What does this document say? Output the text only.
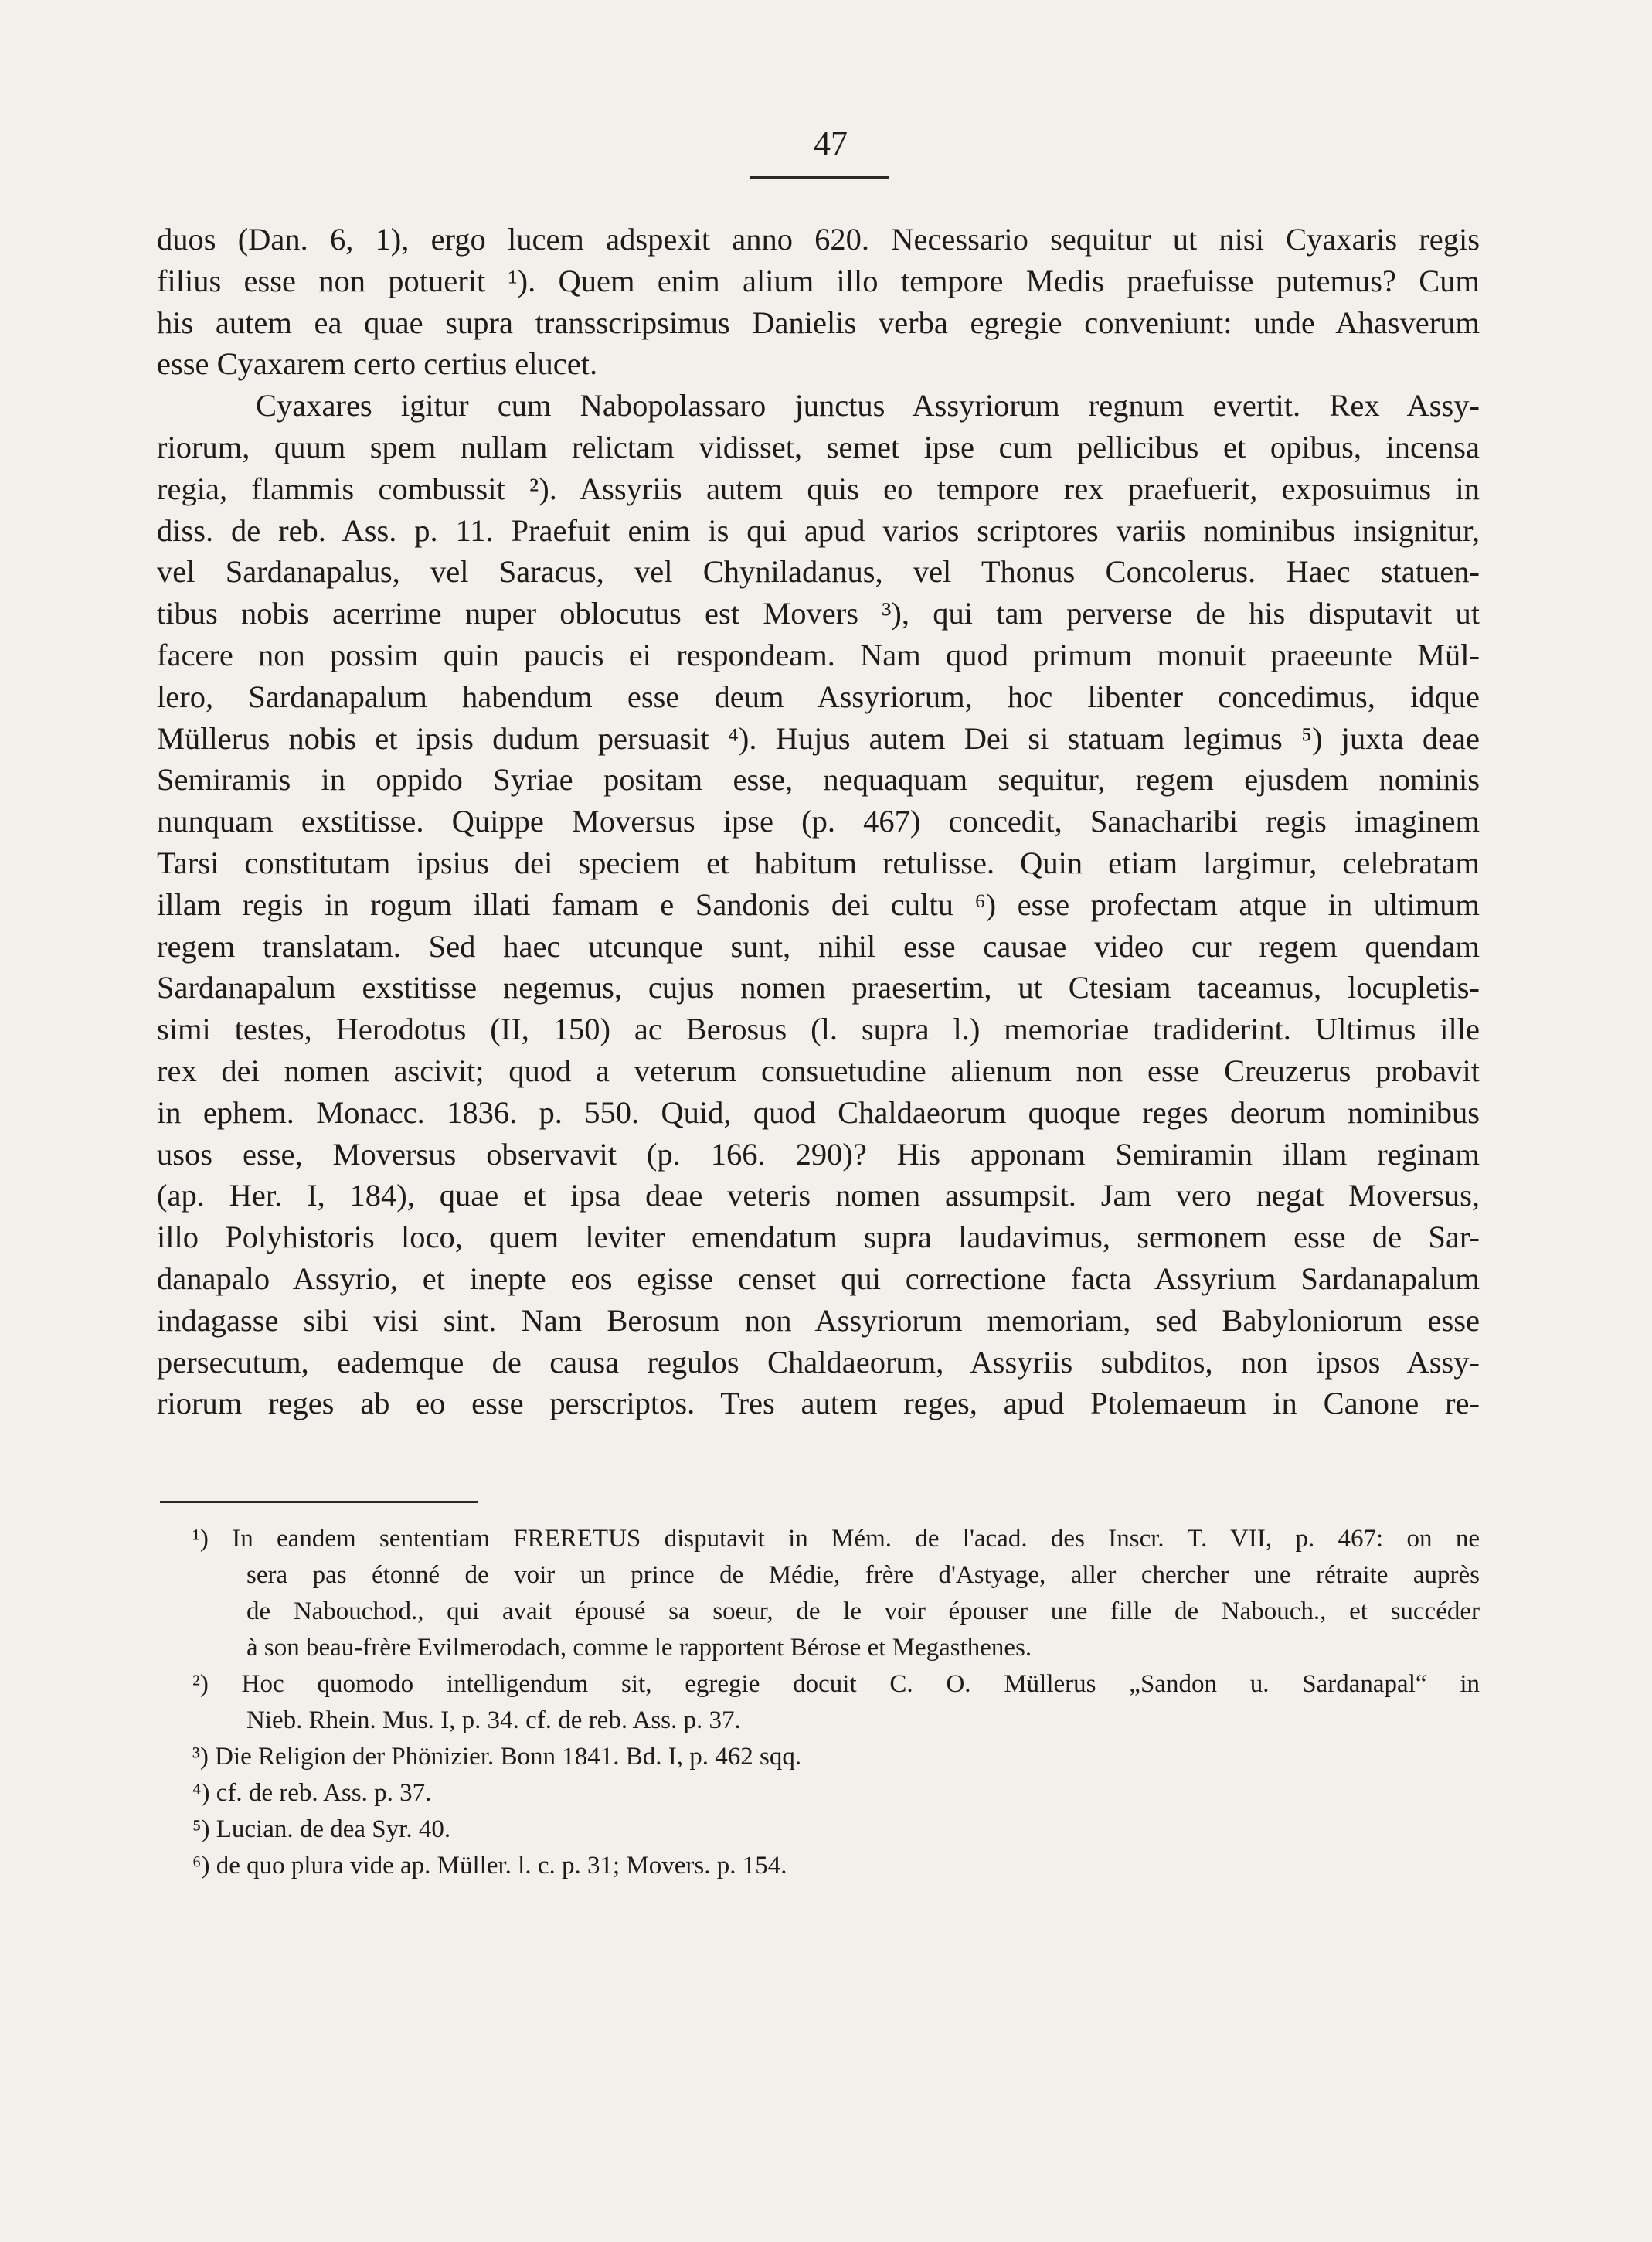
47
duos (Dan. 6, 1), ergo lucem adspexit anno 620. Necessario sequitur ut nisi Cyaxaris regis
filius esse non potuerit ¹). Quem enim alium illo tempore Medis praefuisse putemus? Cum
his autem ea quae supra transscripsimus Danielis verba egregie conveniunt: unde Ahasverum
esse Cyaxarem certo certius elucet.
Cyaxares igitur cum Nabopolassaro junctus Assyriorum regnum evertit. Rex Assy-
riorum, quum spem nullam relictam vidisset, semet ipse cum pellicibus et opibus, incensa
regia, flammis combussit ²). Assyriis autem quis eo tempore rex praefuerit, exposuimus in
diss. de reb. Ass. p. 11. Praefuit enim is qui apud varios scriptores variis nominibus insignitur,
vel Sardanapalus, vel Saracus, vel Chyniladanus, vel Thonus Concolerus. Haec statuen-
tibus nobis acerrime nuper oblocutus est Movers ³), qui tam perverse de his disputavit ut
facere non possim quin paucis ei respondeam. Nam quod primum monuit praeeunte Mül-
lero, Sardanapalum habendum esse deum Assyriorum, hoc libenter concedimus, idque
Müllerus nobis et ipsis dudum persuasit ⁴). Hujus autem Dei si statuam legimus ⁵) juxta deae
Semiramis in oppido Syriae positam esse, nequaquam sequitur, regem ejusdem nominis
nunquam exstitisse. Quippe Moversus ipse (p. 467) concedit, Sanacharibi regis imaginem
Tarsi constitutam ipsius dei speciem et habitum retulisse. Quin etiam largimur, celebratam
illam regis in rogum illati famam e Sandonis dei cultu ⁶) esse profectam atque in ultimum
regem translatam. Sed haec utcunque sunt, nihil esse causae video cur regem quendam
Sardanapalum exstitisse negemus, cujus nomen praesertim, ut Ctesiam taceamus, locupletis-
simi testes, Herodotus (II, 150) ac Berosus (l. supra l.) memoriae tradiderint. Ultimus ille
rex dei nomen ascivit; quod a veterum consuetudine alienum non esse Creuzerus probavit
in ephem. Monacc. 1836. p. 550. Quid, quod Chaldaeorum quoque reges deorum nominibus
usos esse, Moversus observavit (p. 166. 290)? His apponam Semiramin illam reginam
(ap. Her. I, 184), quae et ipsa deae veteris nomen assumpsit. Jam vero negat Moversus,
illo Polyhistoris loco, quem leviter emendatum supra laudavimus, sermonem esse de Sar-
danapalo Assyrio, et inepte eos egisse censet qui correctione facta Assyrium Sardanapalum
indagasse sibi visi sint. Nam Berosum non Assyriorum memoriam, sed Babyloniorum esse
persecutum, eademque de causa regulos Chaldaeorum, Assyriis subditos, non ipsos Assy-
riorum reges ab eo esse perscriptos. Tres autem reges, apud Ptolemaeum in Canone re-
¹) In eandem sententiam FRERETUS disputavit in Mém. de l'acad. des Inscr. T. VII, p. 467: on ne
sera pas étonné de voir un prince de Médie, frère d'Astyage, aller chercher une rétraite auprès
de Nabouchod., qui avait épousé sa soeur, de le voir épouser une fille de Nabouch., et succéder
à son beau-frère Evilmerodach, comme le rapportent Bérose et Megasthenes.
²) Hoc quomodo intelligendum sit, egregie docuit C. O. Müllerus „Sandon u. Sardanapal“ in
Nieb. Rhein. Mus. I, p. 34. cf. de reb. Ass. p. 37.
³) Die Religion der Phönizier. Bonn 1841. Bd. I, p. 462 sqq.
⁴) cf. de reb. Ass. p. 37.
⁵) Lucian. de dea Syr. 40.
⁶) de quo plura vide ap. Müller. l. c. p. 31; Movers. p. 154.
